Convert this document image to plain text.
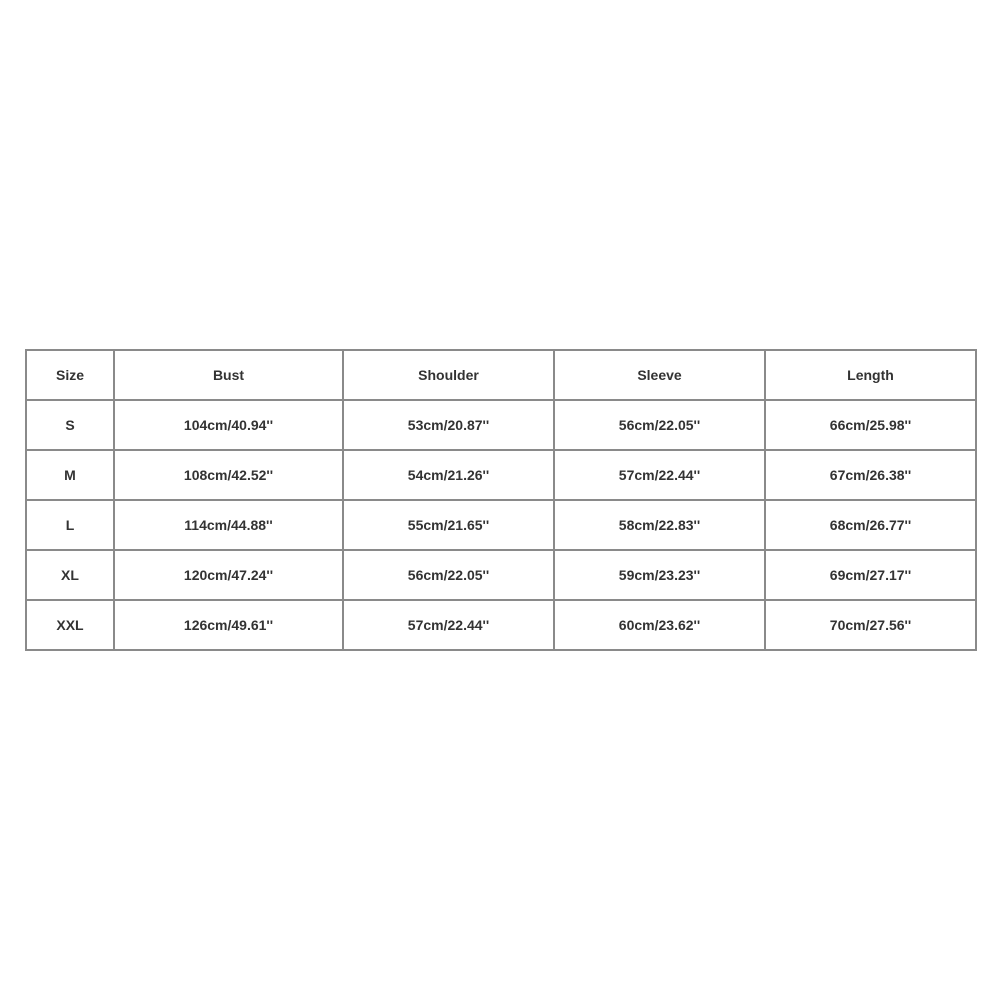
Size	Bust	Shoulder	Sleeve	Length
S	104cm/40.94''	53cm/20.87''	56cm/22.05''	66cm/25.98''
M	108cm/42.52''	54cm/21.26''	57cm/22.44''	67cm/26.38''
L	114cm/44.88''	55cm/21.65''	58cm/22.83''	68cm/26.77''
XL	120cm/47.24''	56cm/22.05''	59cm/23.23''	69cm/27.17''
XXL	126cm/49.61''	57cm/22.44''	60cm/23.62''	70cm/27.56''
